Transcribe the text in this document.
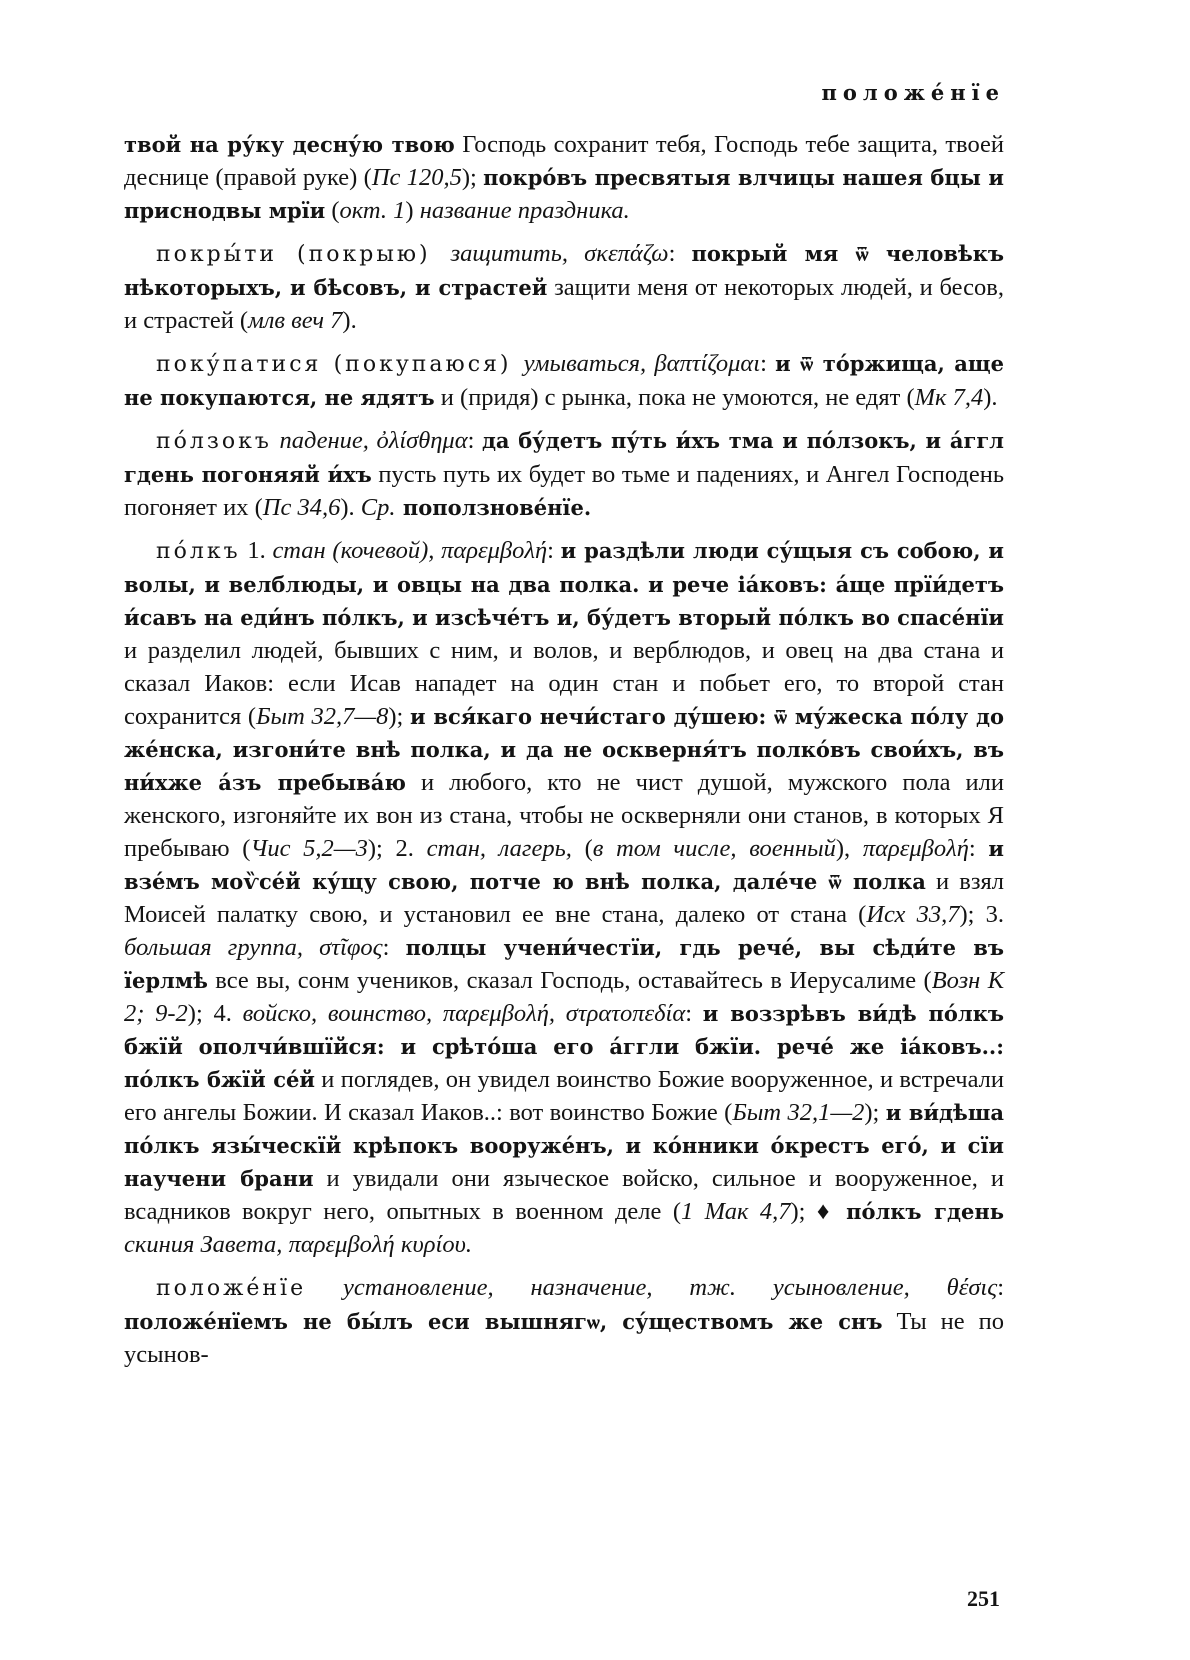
положе́нїе

твой на ру́ку десну́ю твою Господь сохранит тебя, Господь тебе защита, твоей деснице (правой руке) (Пс 120,5); покро́въ пресвятыя влчицы нашея бцы и приснодвы мрїи (окт. 1) название праздника.

покры́ти (покрыю) защитить, σκεπάζω: покрый мя ѿ человѣкъ нѣкоторыхъ, и бѣсовъ, и страстей защити меня от некоторых людей, и бесов, и страстей (млв веч 7).

поку́патися (покупаюся) умываться, βαπτίζομαι: и ѿ то́ржища, аще не покупаются, не ядятъ и (придя) с рынка, пока не умоются, не едят (Мк 7,4).

по́лзокъ падение, ὀλίσθημα: да бу́детъ пу́ть и́хъ тма и по́лзокъ, и а́ггл гдень погоняяй и́хъ пусть путь их будет во тьме и падениях, и Ангел Господень погоняет их (Пс 34,6). Ср. поползнове́нїе.

по́лкъ 1. стан (кочевой), παρεμβολή: и раздѣли люди су́щыя съ собою, и волы, и велблюды, и овцы на два полка. и рече іа́ковъ: а́ще прїи́детъ и́савъ на еди́нъ по́лкъ, и изсѣче́тъ и, бу́детъ вторый по́лкъ во спасе́нїи и разделил людей, бывших с ним, и волов, и верблюдов, и овец на два стана и сказал Иаков: если Исав нападет на один стан и побьет его, то второй стан сохранится (Быт 32,7—8); и вся́каго нечи́стаго ду́шею: ѿ му́жеска по́лу до же́нска, изгони́те внѣ полка, и да не оскверня́тъ полко́въ свои́хъ, въ ни́хже а́зъ пребыва́ю и любого, кто не чист душой, мужского пола или женского, изгоняйте их вон из стана, чтобы не оскверняли они станов, в которых Я пребываю (Чис 5,2—3); 2. стан, лагерь, (в том числе, военный), παρεμβολή: и взе́мъ моѷсе́й ку́щу свою, потче ю внѣ полка, дале́че ѿ полка и взял Моисей палатку свою, и установил ее вне стана, далеко от стана (Исх 33,7); 3. большая группа, στῖφος: полцы учени́честїи, гдь рече́, вы сѣди́те въ їерлмѣ все вы, сонм учеников, сказал Господь, оставайтесь в Иерусалиме (Возн К 2; 9-2); 4. войско, воинство, παρεμβολή, στρατοπεδία: и воззрѣвъ ви́дѣ по́лкъ бжїй ополчи́вшїйся: и срѣто́ша его а́ггли бжїи. рече́ же іа́ковъ..: по́лкъ бжїй се́й и поглядев, он увидел воинство Божие вооруженное, и встречали его ангелы Божии. И сказал Иаков..: вот воинство Божие (Быт 32,1—2); и ви́дѣша по́лкъ язы́ческїй крѣпокъ вооруже́нъ, и ко́нники о́крестъ его́, и сїи научени брани и увидали они языческое войско, сильное и вооруженное, и всадников вокруг него, опытных в военном деле (1 Мак 4,7); ♦ по́лкъ гдень скиния Завета, παρεμβολή κυρίου.

положе́нїе установление, назначение, тж. усыновление, θέσις: положе́нїемъ не бы́лъ еси вышнягѡ, су́ществомъ же снъ Ты не по усынов-

251
